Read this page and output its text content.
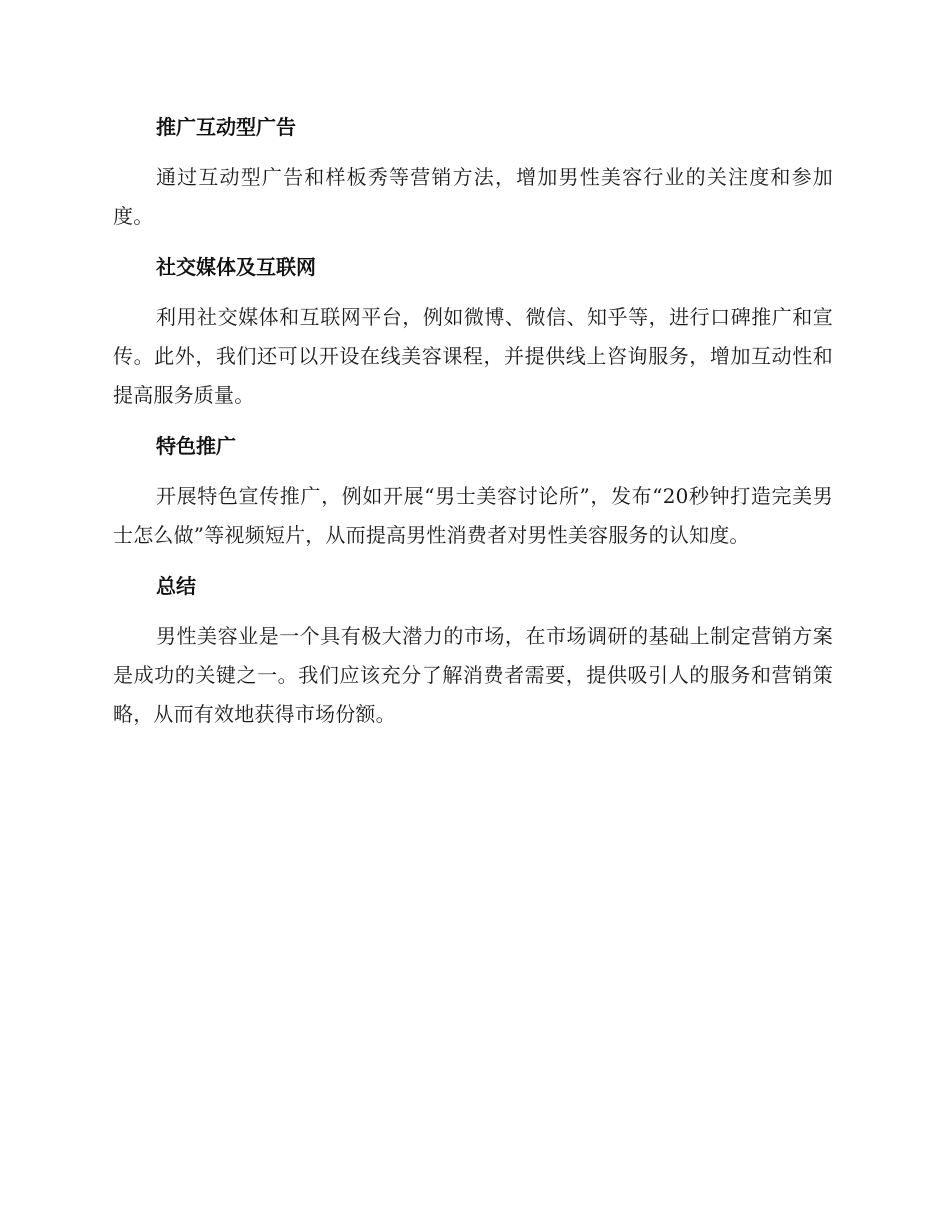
推广互动型广告

通过互动型广告和样板秀等营销方法，增加男性美容行业的关注度和参加度。

社交媒体及互联网

利用社交媒体和互联网平台，例如微博、微信、知乎等，进行口碑推广和宣传。此外，我们还可以开设在线美容课程，并提供线上咨询服务，增加互动性和提高服务质量。

特色推广

开展特色宣传推广，例如开展“男士美容讨论所”，发布“20秒钟打造完美男士怎么做”等视频短片，从而提高男性消费者对男性美容服务的认知度。

总结

男性美容业是一个具有极大潜力的市场，在市场调研的基础上制定营销方案是成功的关键之一。我们应该充分了解消费者需要，提供吸引人的服务和营销策略，从而有效地获得市场份额。
